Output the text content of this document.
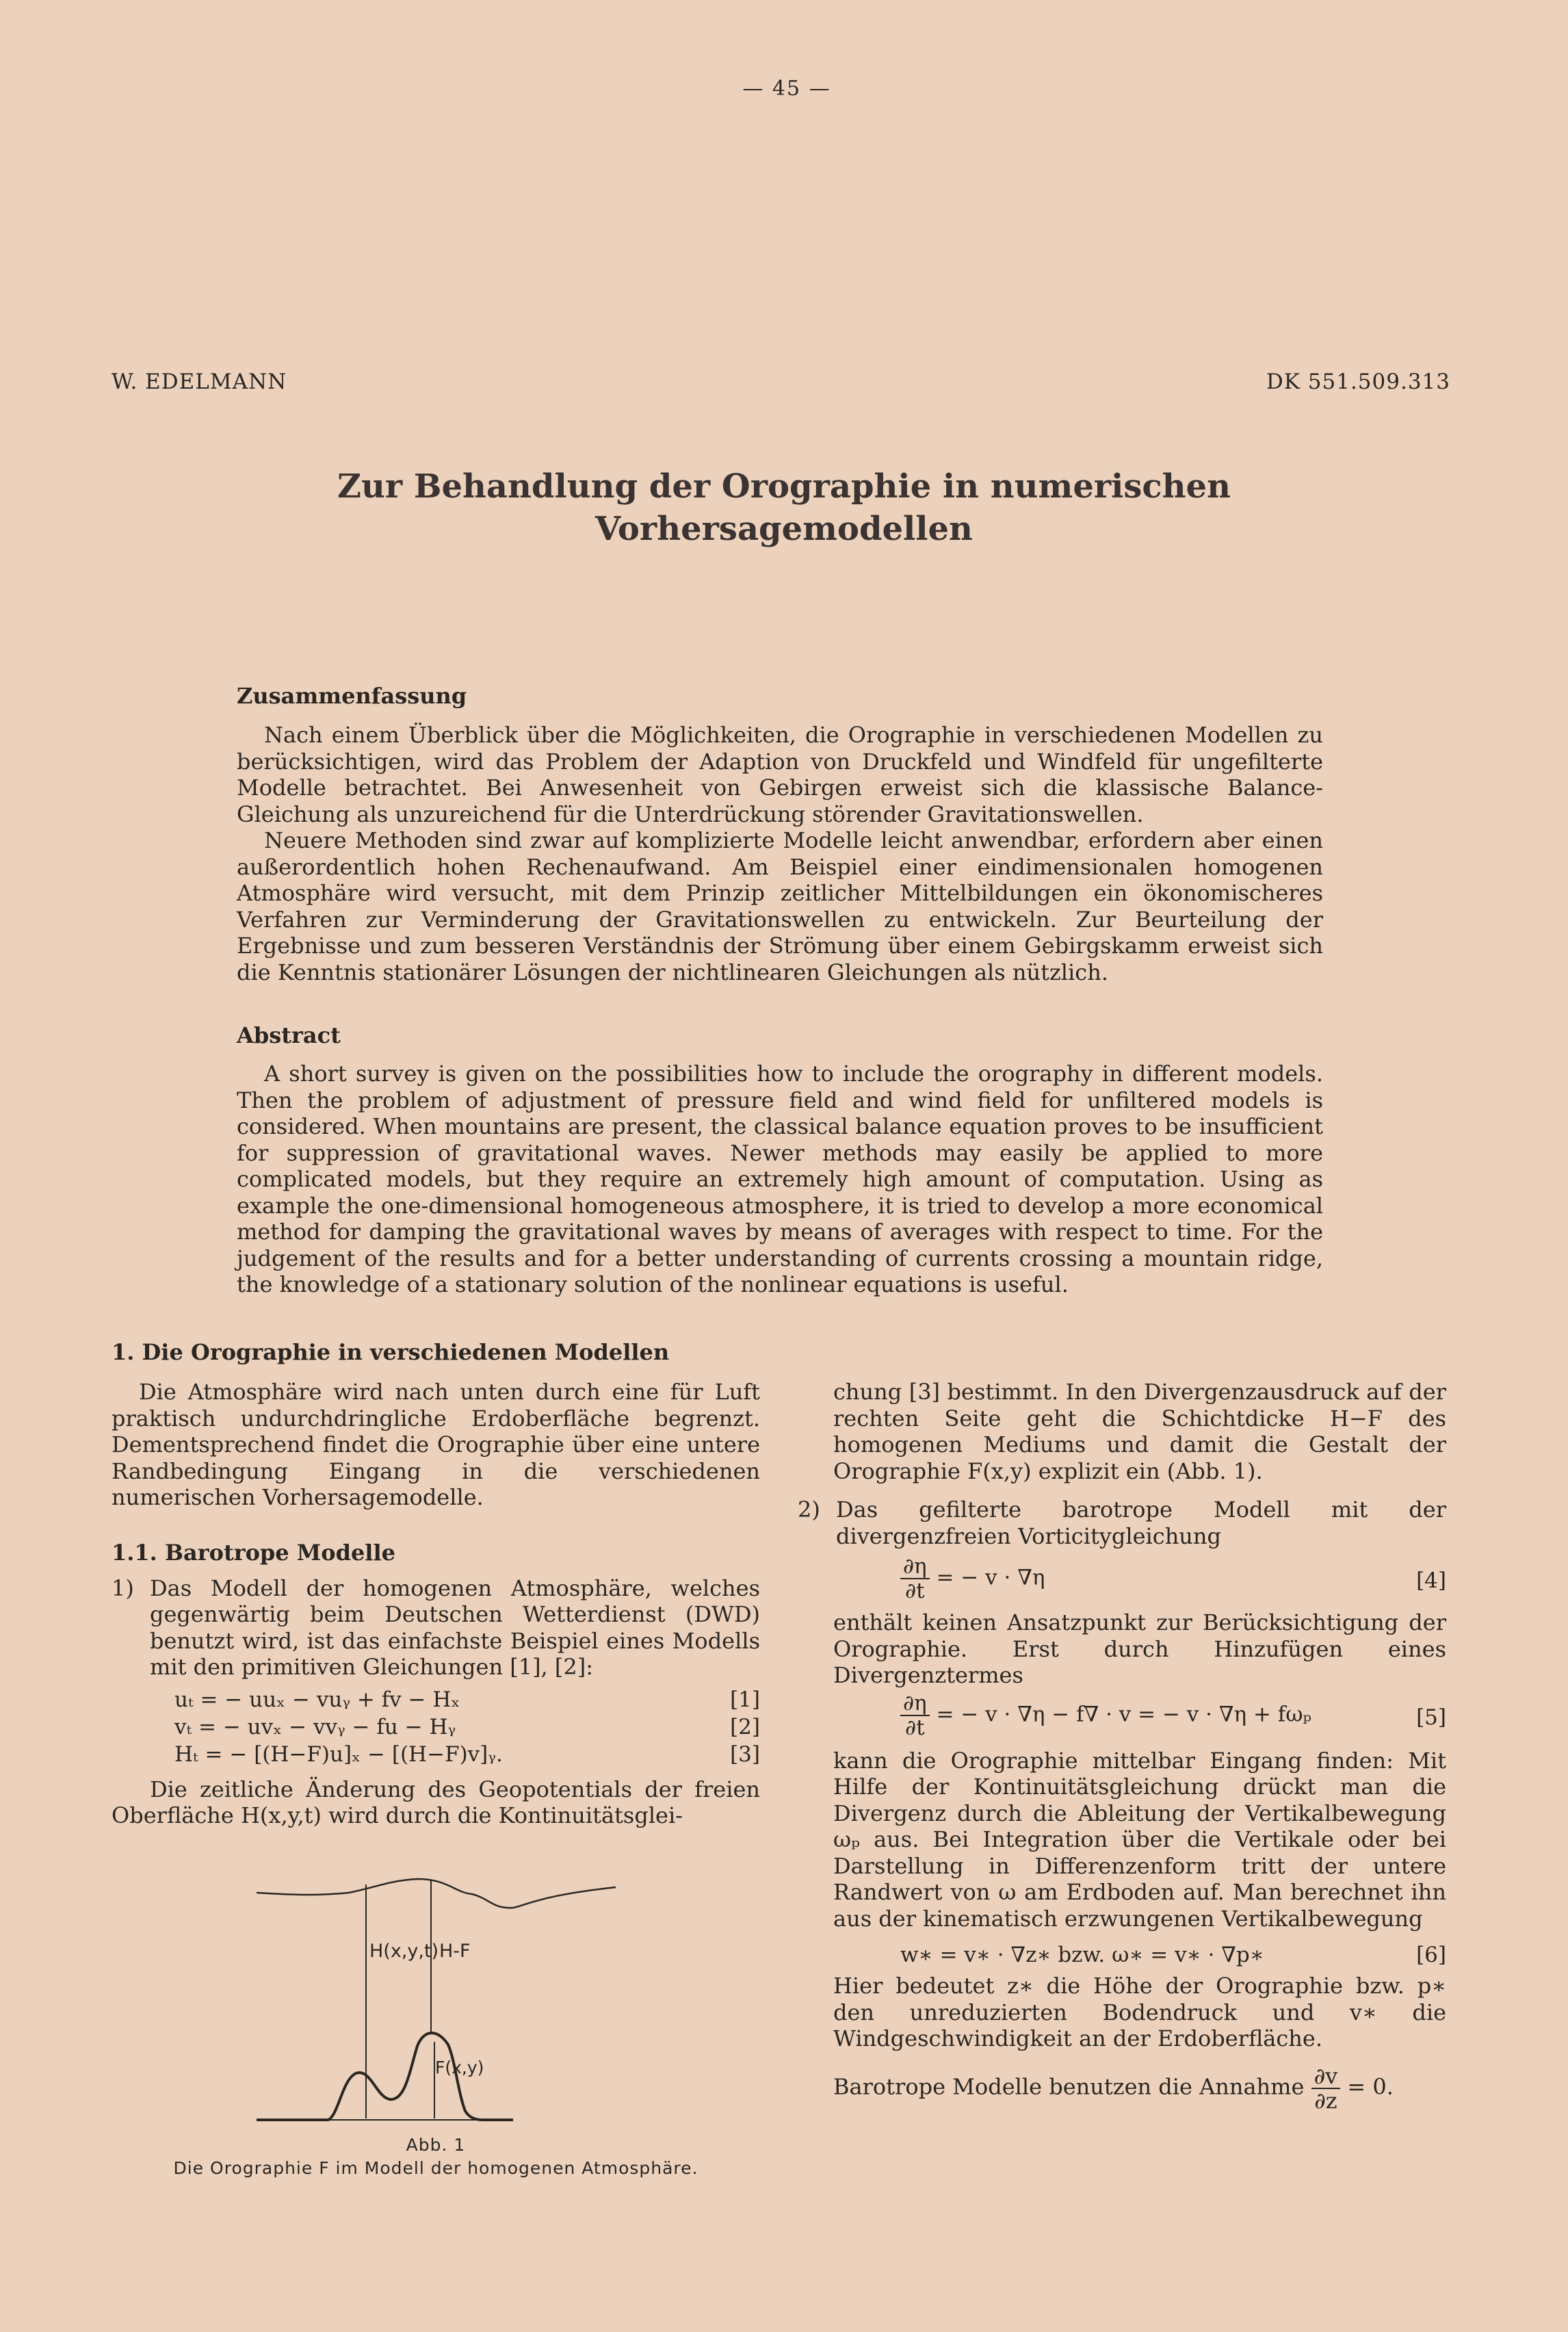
— 45 —
W. EDELMANN	DK 551.509.313
Zur Behandlung der Orographie in numerischen
Vorhersagemodellen
Zusammenfassung

Nach einem Überblick über die Möglichkeiten, die Orographie in verschiedenen Modellen zu berücksichtigen, wird das Problem der Adaption von Druckfeld und Windfeld für ungefilterte Modelle betrachtet. Bei Anwesenheit von Gebirgen erweist sich die klassische Balance-Gleichung als unzureichend für die Unterdrückung störender Gravitationswellen.

Neuere Methoden sind zwar auf komplizierte Modelle leicht anwendbar, erfordern aber einen außerordentlich hohen Rechenaufwand. Am Beispiel einer eindimensionalen homogenen Atmosphäre wird versucht, mit dem Prinzip zeitlicher Mittelbildungen ein ökonomischeres Verfahren zur Verminderung der Gravitationswellen zu entwickeln. Zur Beurteilung der Ergebnisse und zum besseren Verständnis der Strömung über einem Gebirgskamm erweist sich die Kenntnis stationärer Lösungen der nichtlinearen Gleichungen als nützlich.

Abstract

A short survey is given on the possibilities how to include the orography in different models. Then the problem of adjustment of pressure field and wind field for unfiltered models is considered. When mountains are present, the classical balance equation proves to be insufficient for suppression of gravitational waves. Newer methods may easily be applied to more complicated models, but they require an extremely high amount of computation. Using as example the one-dimensional homogeneous atmosphere, it is tried to develop a more economical method for damping the gravitational waves by means of averages with respect to time. For the judgement of the results and for a better understanding of currents crossing a mountain ridge, the knowledge of a stationary solution of the nonlinear equations is useful.

1. Die Orographie in verschiedenen Modellen
Die Atmosphäre wird nach unten durch eine für Luft praktisch undurchdringliche Erdoberfläche begrenzt. Dementsprechend findet die Orographie über eine untere Randbedingung Eingang in die verschiedenen numerischen Vorhersagemodelle.
1.1. Barotrope Modelle
1) Das Modell der homogenen Atmosphäre, welches gegenwärtig beim Deutschen Wetterdienst (DWD) benutzt wird, ist das einfachste Beispiel eines Modells mit den primitiven Gleichungen [1], [2]:
uₜ = − uuₓ − vuᵧ + fv − Hₓ	[1]
vₜ = − uvₓ − vvᵧ − fu − Hᵧ	[2]
Hₜ = − [(H−F)u]ₓ − [(H−F)v]ᵧ.	[3]
Die zeitliche Änderung des Geopotentials der freien Oberfläche H(x,y,t) wird durch die Kontinuitätsglei-
H(x,y,t) H-F
F(x,y)
Abb. 1
Die Orographie F im Modell der homogenen Atmosphäre.
chung [3] bestimmt. In den Divergenzausdruck auf der rechten Seite geht die Schichtdicke H−F des homogenen Mediums und damit die Gestalt der Orographie F(x,y) explizit ein (Abb. 1).
2) Das gefilterte barotrope Modell mit der divergenzfreien Vorticitygleichung
$\frac{\partial\eta}{\partial t}$ = − v · ∇η	[4]
enthält keinen Ansatzpunkt zur Berücksichtigung der Orographie. Erst durch Hinzufügen eines Divergenztermes
$\frac{\partial\eta}{\partial t}$ = − v · ∇η − f∇ · v = − v · ∇η + fωₚ	[5]
kann die Orographie mittelbar Eingang finden: Mit Hilfe der Kontinuitätsgleichung drückt man die Divergenz durch die Ableitung der Vertikalbewegung ωₚ aus. Bei Integration über die Vertikale oder bei Darstellung in Differenzenform tritt der untere Randwert von ω am Erdboden auf. Man berechnet ihn aus der kinematisch erzwungenen Vertikalbewegung
w∗ = v∗ · ∇z∗ bzw. ω∗ = v∗ · ∇p∗	[6]
Hier bedeutet z∗ die Höhe der Orographie bzw. p∗ den unreduzierten Bodendruck und v∗ die Windgeschwindigkeit an der Erdoberfläche.
Barotrope Modelle benutzen die Annahme $\frac{\partial v}{\partial z} = 0$.
